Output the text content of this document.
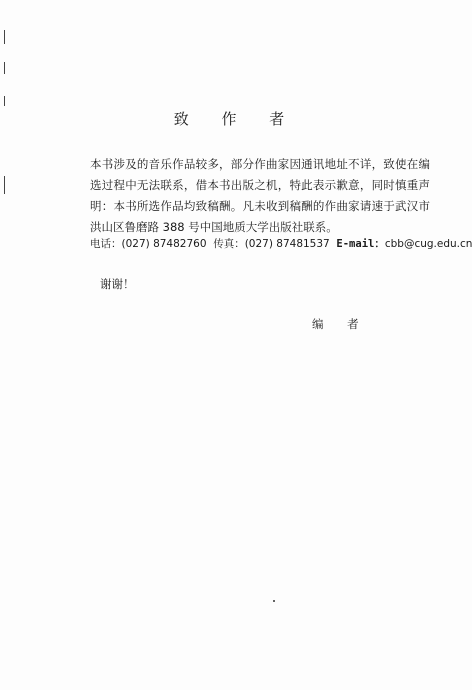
致 作 者

本书涉及的音乐作品较多，部分作曲家因通讯地址不详，致使在编选过程中无法联系，借本书出版之机，特此表示歉意，同时慎重声明：本书所选作品均致稿酬。凡未收到稿酬的作曲家请速于武汉市洪山区鲁磨路 388 号中国地质大学出版社联系。

电话：(027) 87482760 传真：(027) 87481537 E-mail：cbb@cug.edu.cn
谢谢！
编 者
